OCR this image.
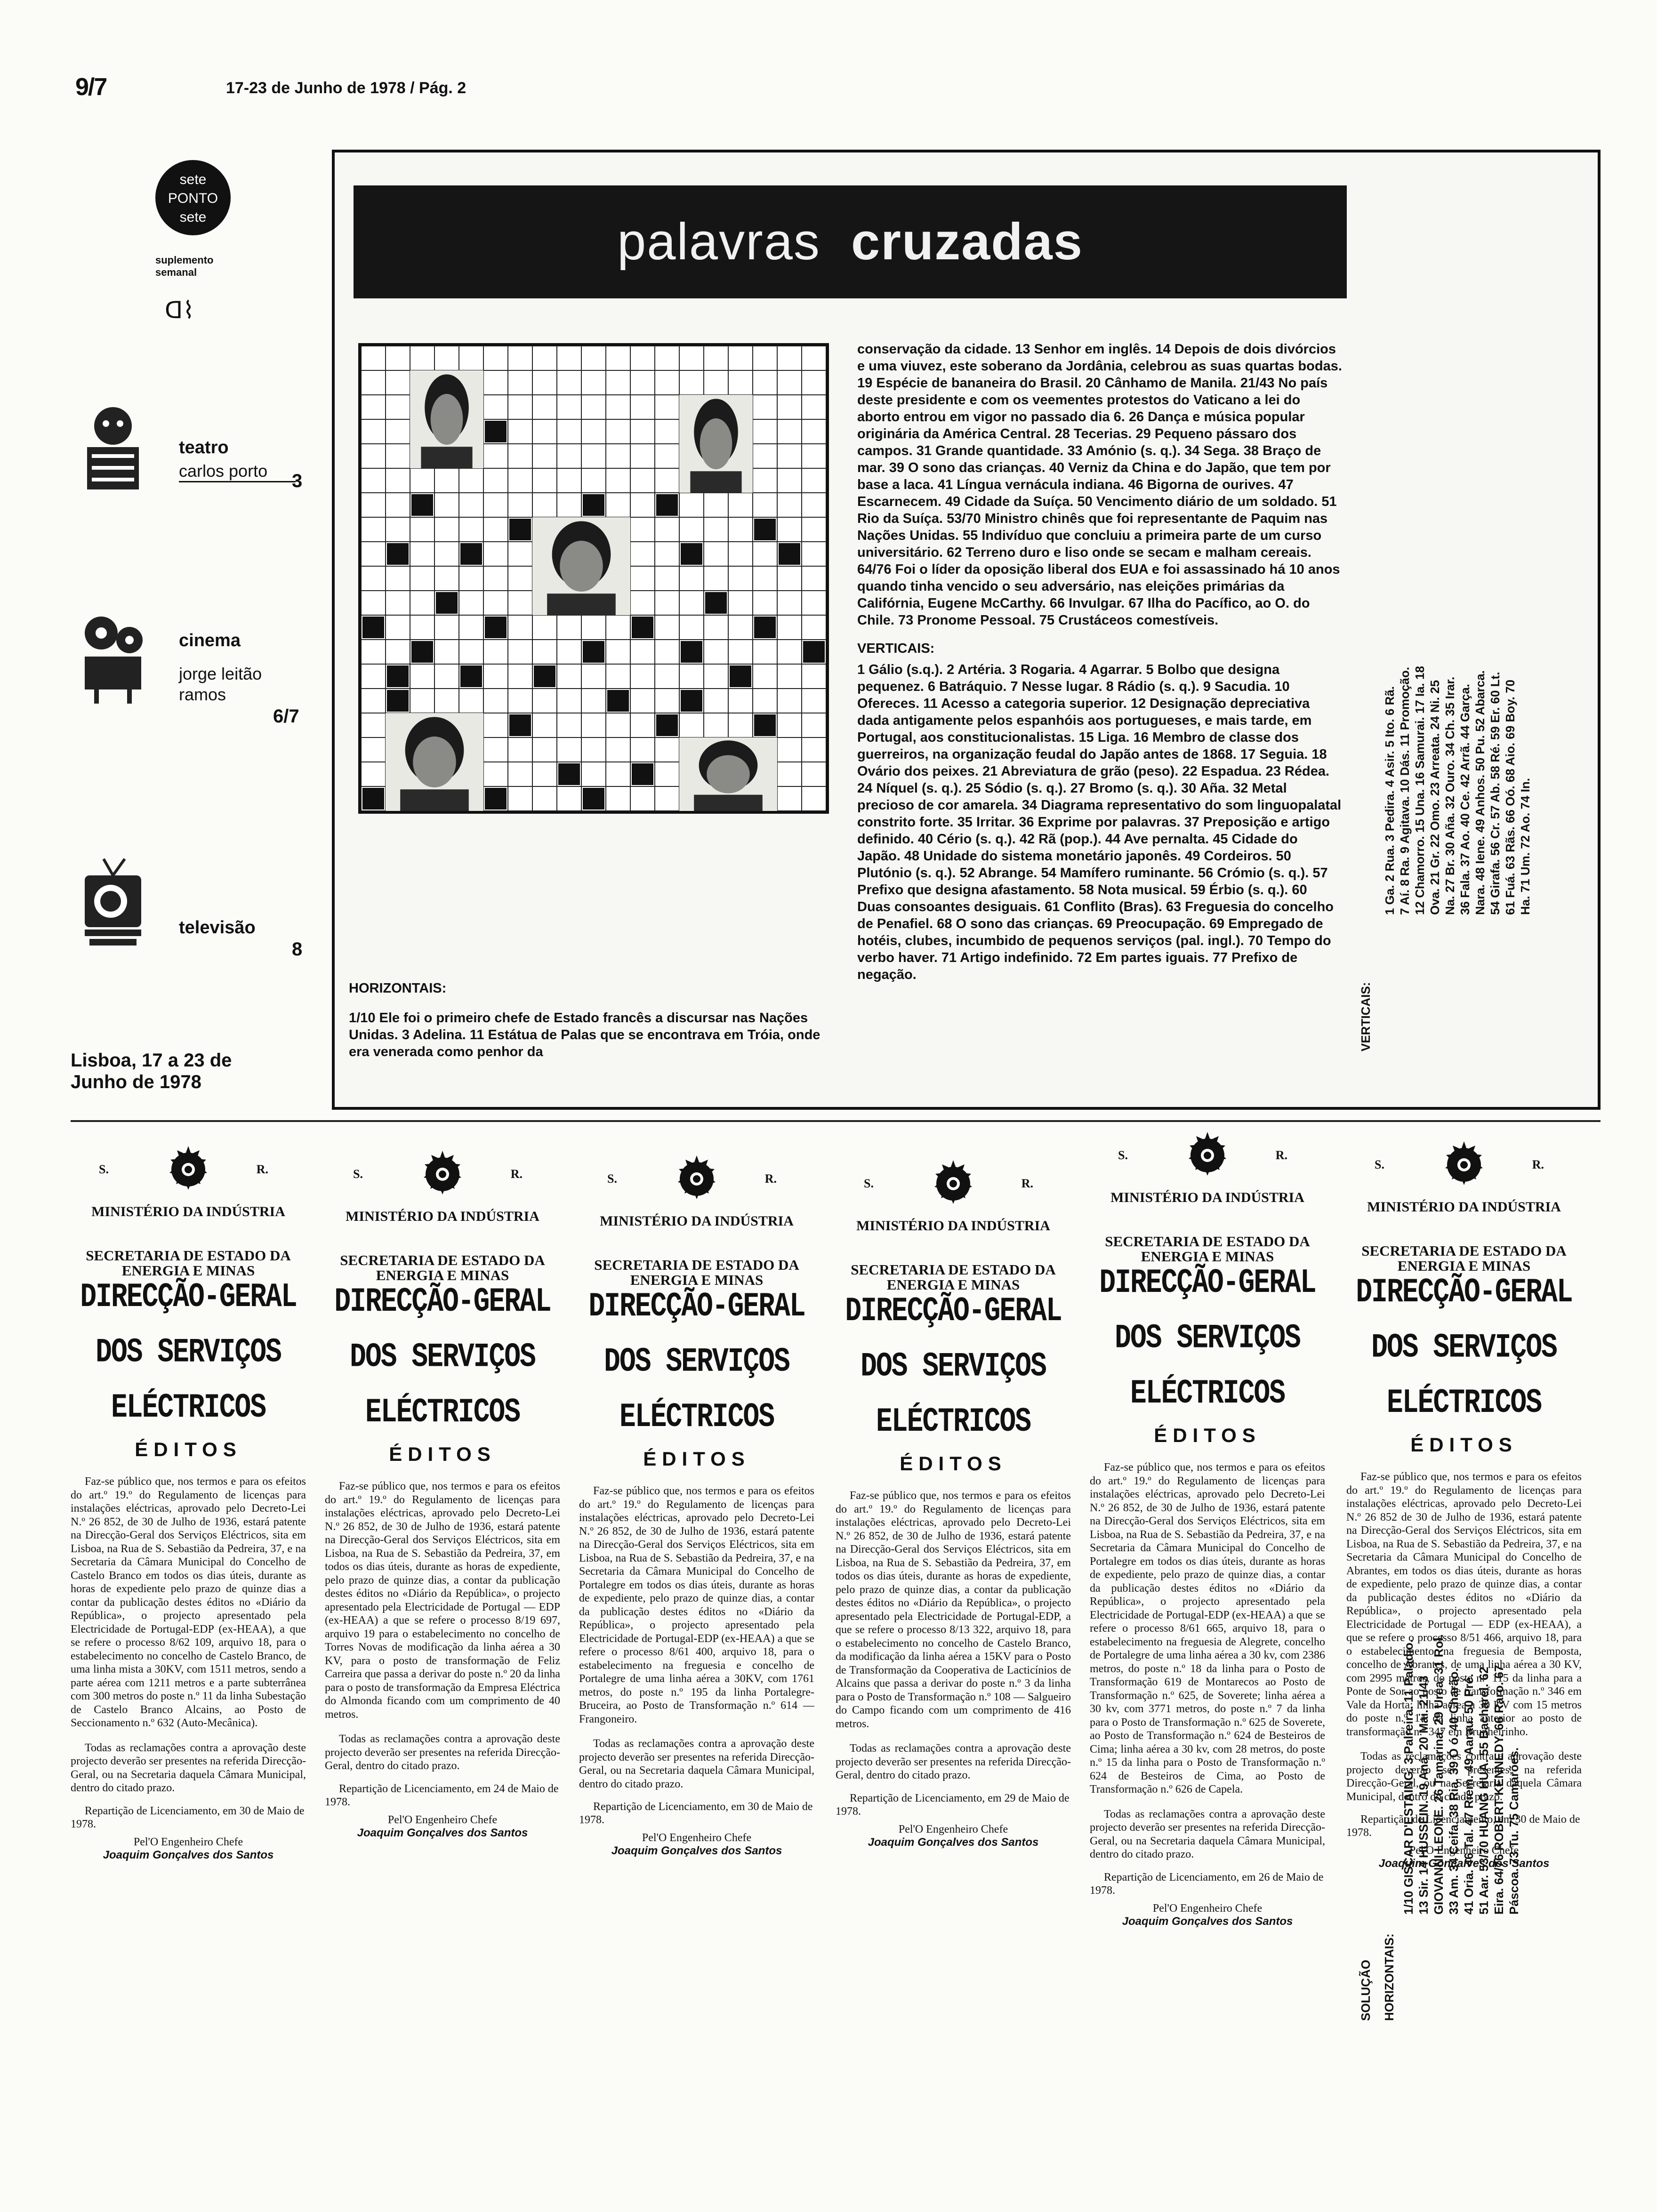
9/7	17-23 de Junho de 1978 / Pág. 2
sete
PONTO
sete
suplemento semanal
ᗡ⌇
teatro
carlos porto	3
cinema
jorge leitão ramos
6/7
televisão
8
Lisboa, 17 a 23 de Junho de 1978
palavras cruzadas

conservação da cidade. 13 Senhor em inglês. 14 Depois de dois divórcios e uma viuvez, este soberano da Jordânia, celebrou as suas quartas bodas. 19 Espécie de bananeira do Brasil. 20 Cânhamo de Manila. 21/43 No país deste presidente e com os veementes protestos do Vaticano a lei do aborto entrou em vigor no passado dia 6. 26 Dança e música popular originária da América Central. 28 Tecerias. 29 Pequeno pássaro dos campos. 31 Grande quantidade. 33 Amónio (s. q.). 34 Sega. 38 Braço de mar. 39 O sono das crianças. 40 Verniz da China e do Japão, que tem por base a laca. 41 Língua vernácula indiana. 46 Bigorna de ourives. 47 Escarnecem. 49 Cidade da Suíça. 50 Vencimento diário de um soldado. 51 Rio da Suíça. 53/70 Ministro chinês que foi representante de Paquim nas Nações Unidas. 55 Indivíduo que concluiu a primeira parte de um curso universitário. 62 Terreno duro e liso onde se secam e malham cereais. 64/76 Foi o líder da oposição liberal dos EUA e foi assassinado há 10 anos quando tinha vencido o seu adversário, nas eleições primárias da Califórnia, Eugene McCarthy. 66 Invulgar. 67 Ilha do Pacífico, ao O. do Chile. 73 Pronome Pessoal. 75 Crustáceos comestíveis.

VERTICAIS:

1 Gálio (s.q.). 2 Artéria. 3 Rogaria. 4 Agarrar. 5 Bolbo que designa pequenez. 6 Batráquio. 7 Nesse lugar. 8 Rádio (s. q.). 9 Sacudia. 10 Ofereces. 11 Acesso a categoria superior. 12 Designação depreciativa dada antigamente pelos espanhóis aos portugueses, e mais tarde, em Portugal, aos constitucionalistas. 15 Liga. 16 Membro de classe dos guerreiros, na organização feudal do Japão antes de 1868. 17 Seguia. 18 Ovário dos peixes. 21 Abreviatura de grão (peso). 22 Espadua. 23 Rédea. 24 Níquel (s. q.). 25 Sódio (s. q.). 27 Bromo (s. q.). 30 Aña. 32 Metal precioso de cor amarela. 34 Diagrama representativo do som linguopalatal constrito forte. 35 Irritar. 36 Exprime por palavras. 37 Preposição e artigo definido. 40 Cério (s. q.). 42 Rã (pop.). 44 Ave pernalta. 45 Cidade do Japão. 48 Unidade do sistema monetário japonês. 49 Cordeiros. 50 Plutónio (s. q.). 52 Abrange. 54 Mamífero ruminante. 56 Crómio (s. q.). 57 Prefixo que designa afastamento. 58 Nota musical. 59 Érbio (s. q.). 60 Duas consoantes desiguais. 61 Conflito (Bras). 63 Freguesia do concelho de Penafiel. 68 O sono das crianças. 69 Preocupação. 69 Empregado de hotéis, clubes, incumbido de pequenos serviços (pal. ingl.). 70 Tempo do verbo haver. 71 Artigo indefinido. 72 Em partes iguais. 77 Prefixo de negação.

HORIZONTAIS:

1/10 Ele foi o primeiro chefe de Estado francês a discursar nas Nações Unidas. 3 Adelina. 11 Estátua de Palas que se encontrava em Tróia, onde era venerada como penhor da

SOLUÇÃO HORIZONTAIS:
1/10 GISCAR D'ESTAING. 3 Palreira. 11 Paládio. 13 Sir. 14 HUSSEIN. 19 Aná. 20 Mai. 21/43 GIOVANNI LEONE. 26 Tamarina. 29 Urca. 31 Rol. 33 Am. 34 Ceifa. 38 Ria. 39 Ó ó. 40 Charão. 41 Oria. 46 Tal. 47 Riem. 49 Aarau. 50 Pré. 51 Aar. 53/70 HUANG HUA. 55 Bacharel. 62 Eira. 64/76 ROBERT KENNEDY. 66 Raro. 67 Páscoa. 73 Tu. 75 Camarões.
VERTICAIS:
1 Ga. 2 Rua. 3 Pedira. 4 Asir. 5 Ito. 6 Rã. 7 Aí. 8 Ra. 9 Agitava. 10 Dás. 11 Promoção. 12 Chamorro. 15 Una. 16 Samurai. 17 Ia. 18 Ova. 21 Gr. 22 Omo. 23 Arreata. 24 Ni. 25 Na. 27 Br. 30 Aña. 32 Ouro. 34 Ch. 35 Irar. 36 Fala. 37 Ao. 40 Ce. 42 Arrã. 44 Garça. Nara. 48 Iene. 49 Anhos. 50 Pu. 52 Abarca. 54 Girafa. 56 Cr. 57 Ab. 58 Ré. 59 Er. 60 Lt. 61 Fuá. 63 Rãs. 66 Oó. 68 Aio. 69 Boy. 70 Ha. 71 Um. 72 Ao. 74 In.
S.	R.
MINISTÉRIO DA INDÚSTRIA
SECRETARIA DE ESTADO DA ENERGIA E MINAS
DIRECÇÃO-GERAL
DOS SERVIÇOS
ELÉCTRICOS
ÉDITOS

Faz-se público que, nos termos e para os efeitos do art.º 19.º do Regulamento de licenças para instalações eléctricas, aprovado pelo Decreto-Lei N.º 26 852, de 30 de Julho de 1936, estará patente na Direcção-Geral dos Serviços Eléctricos, sita em Lisboa, na Rua de S. Sebastião da Pedreira, 37, e na Secretaria da Câmara Municipal do Concelho de Castelo Branco em todos os dias úteis, durante as horas de expediente pelo prazo de quinze dias a contar da publicação destes éditos no «Diário da República», o projecto apresentado pela Electricidade de Portugal-EDP (ex-HEAA), a que se refere o processo 8/62 109, arquivo 18, para o estabelecimento no concelho de Castelo Branco, de uma linha mista a 30KV, com 1511 metros, sendo a parte aérea com 1211 metros e a parte subterrânea com 300 metros do poste n.º 11 da linha Subestação de Castelo Branco Alcains, ao Posto de Seccionamento n.º 632 (Auto-Mecânica).

Todas as reclamações contra a aprovação deste projecto deverão ser presentes na referida Direcção-Geral, ou na Secretaria daquela Câmara Municipal, dentro do citado prazo.

Repartição de Licenciamento, em 30 de Maio de 1978.

Pel'O Engenheiro Chefe
Joaquim Gonçalves dos Santos
S.	R.
MINISTÉRIO DA INDÚSTRIA
SECRETARIA DE ESTADO DA ENERGIA E MINAS
DIRECÇÃO-GERAL
DOS SERVIÇOS
ELÉCTRICOS
ÉDITOS

Faz-se público que, nos termos e para os efeitos do art.º 19.º do Regulamento de licenças para instalações eléctricas, aprovado pelo Decreto-Lei N.º 26 852, de 30 de Julho de 1936, estará patente na Direcção-Geral dos Serviços Eléctricos, sita em Lisboa, na Rua de S. Sebastião da Pedreira, 37, em todos os dias úteis, durante as horas de expediente, pelo prazo de quinze dias, a contar da publicação destes éditos no «Diário da República», o projecto apresentado pela Electricidade de Portugal — EDP (ex-HEAA) a que se refere o processo 8/19 697, arquivo 19 para o estabelecimento no concelho de Torres Novas de modificação da linha aérea a 30 KV, para o posto de transformação de Feliz Carreira que passa a derivar do poste n.º 20 da linha para o posto de transformação da Empresa Eléctrica do Almonda ficando com um comprimento de 40 metros.

Todas as reclamações contra a aprovação deste projecto deverão ser presentes na referida Direcção-Geral, dentro do citado prazo.

Repartição de Licenciamento, em 24 de Maio de 1978.

Pel'O Engenheiro Chefe
Joaquim Gonçalves dos Santos
S.	R.
MINISTÉRIO DA INDÚSTRIA
SECRETARIA DE ESTADO DA ENERGIA E MINAS
DIRECÇÃO-GERAL
DOS SERVIÇOS
ELÉCTRICOS
ÉDITOS

Faz-se público que, nos termos e para os efeitos do art.º 19.º do Regulamento de licenças para instalações eléctricas, aprovado pelo Decreto-Lei N.º 26 852, de 30 de Julho de 1936, estará patente na Direcção-Geral dos Serviços Eléctricos, sita em Lisboa, na Rua de S. Sebastião da Pedreira, 37, e na Secretaria da Câmara Municipal do Concelho de Portalegre em todos os dias úteis, durante as horas de expediente, pelo prazo de quinze dias, a contar da publicação destes éditos no «Diário da República», o projecto apresentado pela Electricidade de Portugal-EDP (ex-HEAA) a que se refere o processo 8/61 400, arquivo 18, para o estabelecimento na freguesia e concelho de Portalegre de uma linha aérea a 30KV, com 1761 metros, do poste n.º 195 da linha Portalegre-Bruceira, ao Posto de Transformação n.º 614 — Frangoneiro.

Todas as reclamações contra a aprovação deste projecto deverão ser presentes na referida Direcção-Geral, ou na Secretaria daquela Câmara Municipal, dentro do citado prazo.

Repartição de Licenciamento, em 30 de Maio de 1978.

Pel'O Engenheiro Chefe
Joaquim Gonçalves dos Santos
S.	R.
MINISTÉRIO DA INDÚSTRIA
SECRETARIA DE ESTADO DA ENERGIA E MINAS
DIRECÇÃO-GERAL
DOS SERVIÇOS
ELÉCTRICOS
ÉDITOS

Faz-se público que, nos termos e para os efeitos do art.º 19.º do Regulamento de licenças para instalações eléctricas, aprovado pelo Decreto-Lei N.º 26 852, de 30 de Julho de 1936, estará patente na Direcção-Geral dos Serviços Eléctricos, sita em Lisboa, na Rua de S. Sebastião da Pedreira, 37, em todos os dias úteis, durante as horas de expediente, pelo prazo de quinze dias, a contar da publicação destes éditos no «Diário da República», o projecto apresentado pela Electricidade de Portugal-EDP, a que se refere o processo 8/13 322, arquivo 18, para o estabelecimento no concelho de Castelo Branco, da modificação da linha aérea a 15KV para o Posto de Transformação da Cooperativa de Lacticínios de Alcains que passa a derivar do poste n.º 3 da linha para o Posto de Transformação n.º 108 — Salgueiro do Campo ficando com um comprimento de 416 metros.

Todas as reclamações contra a aprovação deste projecto deverão ser presentes na referida Direcção-Geral, dentro do citado prazo.

Repartição de Licenciamento, em 29 de Maio de 1978.

Pel'O Engenheiro Chefe
Joaquim Gonçalves dos Santos
S.	R.
MINISTÉRIO DA INDÚSTRIA
SECRETARIA DE ESTADO DA ENERGIA E MINAS
DIRECÇÃO-GERAL
DOS SERVIÇOS
ELÉCTRICOS
ÉDITOS

Faz-se público que, nos termos e para os efeitos do art.º 19.º do Regulamento de licenças para instalações eléctricas, aprovado pelo Decreto-Lei N.º 26 852, de 30 de Julho de 1936, estará patente na Direcção-Geral dos Serviços Eléctricos, sita em Lisboa, na Rua de S. Sebastião da Pedreira, 37, e na Secretaria da Câmara Municipal do Concelho de Portalegre em todos os dias úteis, durante as horas de expediente, pelo prazo de quinze dias, a contar da publicação destes éditos no «Diário da República», o projecto apresentado pela Electricidade de Portugal-EDP (ex-HEAA) a que se refere o processo 8/61 665, arquivo 18, para o estabelecimento na freguesia de Alegrete, concelho de Portalegre de uma linha aérea a 30 kv, com 2386 metros, do poste n.º 18 da linha para o Posto de Transformação 619 de Montarecos ao Posto de Transformação n.º 625, de Soverete; linha aérea a 30 kv, com 3771 metros, do poste n.º 7 da linha para o Posto de Transformação n.º 625 de Soverete, ao Posto de Transformação n.º 624 de Besteiros de Cima; linha aérea a 30 kv, com 28 metros, do poste n.º 15 da linha para o Posto de Transformação n.º 624 de Besteiros de Cima, ao Posto de Transformação n.º 626 de Capela.

Todas as reclamações contra a aprovação deste projecto deverão ser presentes na referida Direcção-Geral, ou na Secretaria daquela Câmara Municipal, dentro do citado prazo.

Repartição de Licenciamento, em 26 de Maio de 1978.

Pel'O Engenheiro Chefe
Joaquim Gonçalves dos Santos
S.	R.
MINISTÉRIO DA INDÚSTRIA
SECRETARIA DE ESTADO DA ENERGIA E MINAS
DIRECÇÃO-GERAL
DOS SERVIÇOS
ELÉCTRICOS
ÉDITOS

Faz-se público que, nos termos e para os efeitos do art.º 19.º do Regulamento de licenças para instalações eléctricas, aprovado pelo Decreto-Lei N.º 26 852 de 30 de Julho de 1936, estará patente na Direcção-Geral dos Serviços Eléctricos, sita em Lisboa, na Rua de S. Sebastião da Pedreira, 37, e na Secretaria da Câmara Municipal do Concelho de Abrantes, em todos os dias úteis, durante as horas de expediente, pelo prazo de quinze dias, a contar da publicação destes éditos no «Diário da República», o projecto apresentado pela Electricidade de Portugal — EDP (ex-HEAA), a que se refere o processo 8/51 466, arquivo 18, para o estabelecimento na freguesia de Bemposta, concelho de Abrantes, de uma linha aérea a 30 KV, com 2995 metros, do poste n.º 115 da linha para a Ponte de Sor ao posto de transformação n.º 346 em Vale da Horta; linha aérea a 30 KV com 15 metros do poste n.º 14 da linha anterior ao posto de transformação n.º 347 em Brunheirinho.

Todas as reclamações contra a aprovação deste projecto deverão ser presentes, na referida Direcção-Geral, ou na Secretaria daquela Câmara Municipal, dentro do citado prazo.

Repartição de Licenciamento, em 30 de Maio de 1978.

Pel'O Engenheiro Chefe
Joaquim Gonçalves dos Santos
